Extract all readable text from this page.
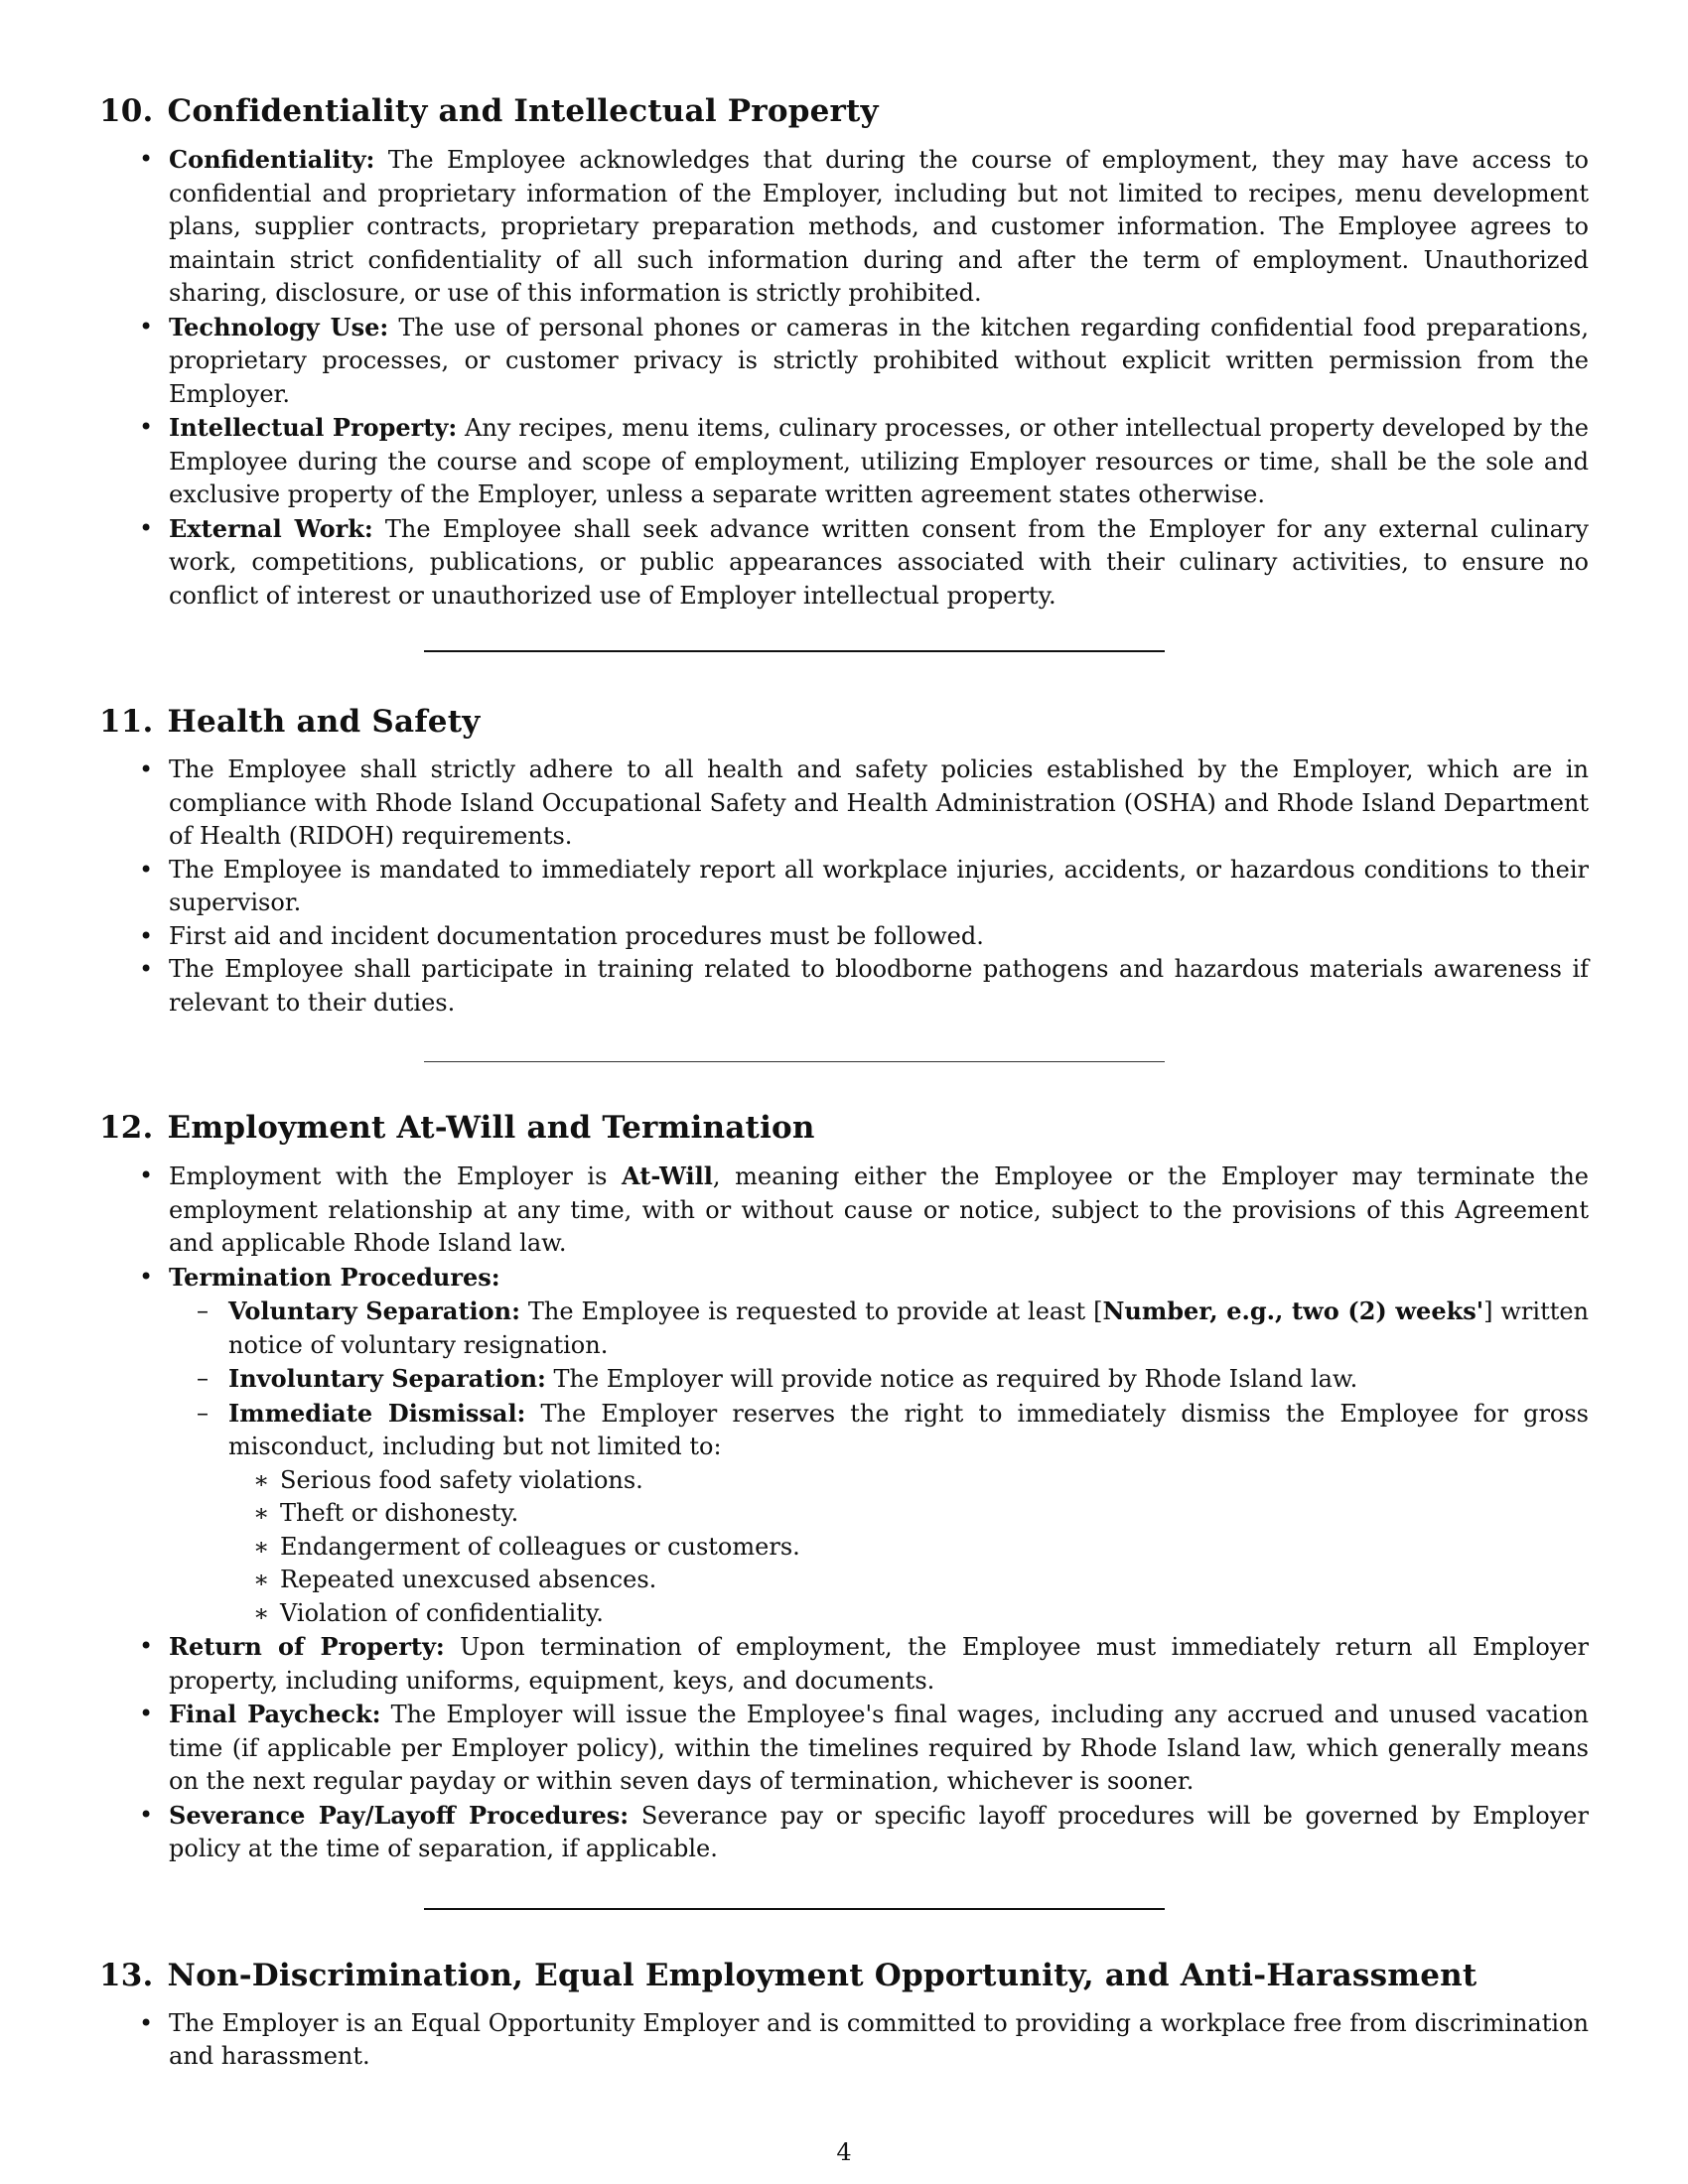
10. Confidentiality and Intellectual Property
• Confidentiality: The Employee acknowledges that during the course of employment, they may have access to confidential and proprietary information of the Employer, including but not limited to recipes, menu development plans, supplier contracts, proprietary preparation methods, and customer information. The Employee agrees to maintain strict confidentiality of all such information during and after the term of employment. Unauthorized sharing, disclosure, or use of this information is strictly prohibited.
• Technology Use: The use of personal phones or cameras in the kitchen regarding confidential food preparations, proprietary processes, or customer privacy is strictly prohibited without explicit written permission from the Employer.
• Intellectual Property: Any recipes, menu items, culinary processes, or other intellectual property developed by the Employee during the course and scope of employment, utilizing Employer resources or time, shall be the sole and exclusive property of the Employer, unless a separate written agreement states otherwise.
• External Work: The Employee shall seek advance written consent from the Employer for any external culinary work, competitions, publications, or public appearances associated with their culinary activities, to ensure no conflict of interest or unauthorized use of Employer intellectual property.
11. Health and Safety
• The Employee shall strictly adhere to all health and safety policies established by the Employer, which are in compliance with Rhode Island Occupational Safety and Health Administration (OSHA) and Rhode Island Department of Health (RIDOH) requirements.
• The Employee is mandated to immediately report all workplace injuries, accidents, or hazardous conditions to their supervisor.
• First aid and incident documentation procedures must be followed.
• The Employee shall participate in training related to bloodborne pathogens and hazardous materials awareness if relevant to their duties.
12. Employment At-Will and Termination
• Employment with the Employer is At-Will, meaning either the Employee or the Employer may terminate the employment relationship at any time, with or without cause or notice, subject to the provisions of this Agreement and applicable Rhode Island law.
• Termination Procedures:
– Voluntary Separation: The Employee is requested to provide at least [Number, e.g., two (2) weeks'] written notice of voluntary resignation.
– Involuntary Separation: The Employer will provide notice as required by Rhode Island law.
– Immediate Dismissal: The Employer reserves the right to immediately dismiss the Employee for gross misconduct, including but not limited to:
∗ Serious food safety violations.
∗ Theft or dishonesty.
∗ Endangerment of colleagues or customers.
∗ Repeated unexcused absences.
∗ Violation of confidentiality.
• Return of Property: Upon termination of employment, the Employee must immediately return all Employer property, including uniforms, equipment, keys, and documents.
• Final Paycheck: The Employer will issue the Employee's final wages, including any accrued and unused vacation time (if applicable per Employer policy), within the timelines required by Rhode Island law, which generally means on the next regular payday or within seven days of termination, whichever is sooner.
• Severance Pay/Layoff Procedures: Severance pay or specific layoff procedures will be governed by Employer policy at the time of separation, if applicable.
13. Non-Discrimination, Equal Employment Opportunity, and Anti-Harassment
• The Employer is an Equal Opportunity Employer and is committed to providing a workplace free from discrimination and harassment.
4
